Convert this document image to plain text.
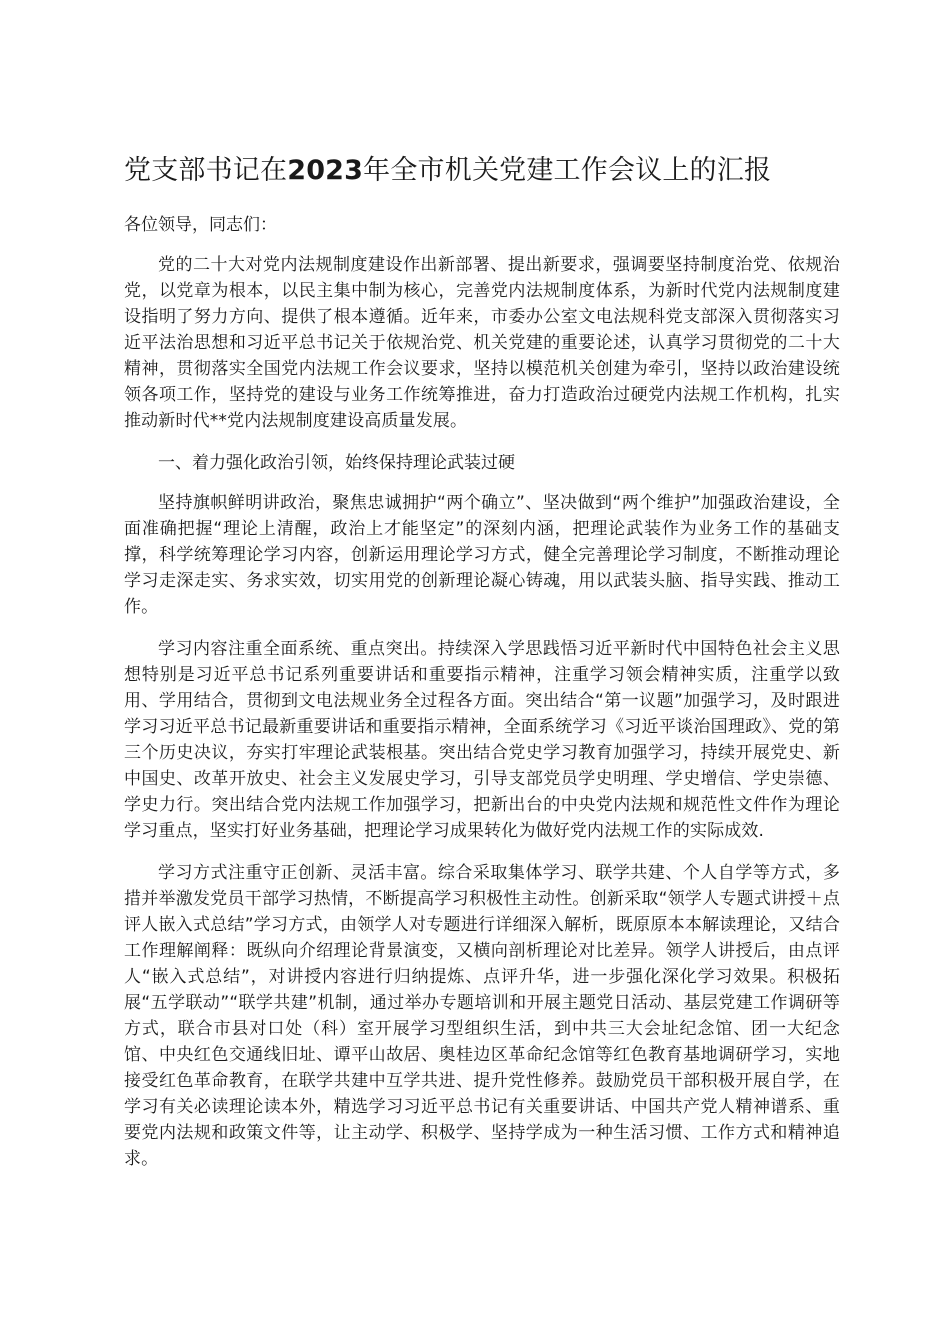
党支部书记在2023年全市机关党建工作会议上的汇报

各位领导，同志们：

党的二十大对党内法规制度建设作出新部署、提出新要求，强调要坚持制度治党、依规治党，以党章为根本，以民主集中制为核心，完善党内法规制度体系，为新时代党内法规制度建设指明了努力方向、提供了根本遵循。近年来，市委办公室文电法规科党支部深入贯彻落实习近平法治思想和习近平总书记关于依规治党、机关党建的重要论述，认真学习贯彻党的二十大精神，贯彻落实全国党内法规工作会议要求，坚持以模范机关创建为牵引，坚持以政治建设统领各项工作，坚持党的建设与业务工作统筹推进，奋力打造政治过硬党内法规工作机构，扎实推动新时代**党内法规制度建设高质量发展。

一、着力强化政治引领，始终保持理论武装过硬

坚持旗帜鲜明讲政治，聚焦忠诚拥护“两个确立”、坚决做到“两个维护”加强政治建设，全面准确把握“理论上清醒，政治上才能坚定”的深刻内涵，把理论武装作为业务工作的基础支撑，科学统筹理论学习内容，创新运用理论学习方式，健全完善理论学习制度，不断推动理论学习走深走实、务求实效，切实用党的创新理论凝心铸魂，用以武装头脑、指导实践、推动工作。

学习内容注重全面系统、重点突出。持续深入学思践悟习近平新时代中国特色社会主义思想特别是习近平总书记系列重要讲话和重要指示精神，注重学习领会精神实质，注重学以致用、学用结合，贯彻到文电法规业务全过程各方面。突出结合“第一议题”加强学习，及时跟进学习习近平总书记最新重要讲话和重要指示精神，全面系统学习《习近平谈治国理政》、党的第三个历史决议，夯实打牢理论武装根基。突出结合党史学习教育加强学习，持续开展党史、新中国史、改革开放史、社会主义发展史学习，引导支部党员学史明理、学史增信、学史崇德、学史力行。突出结合党内法规工作加强学习，把新出台的中央党内法规和规范性文件作为理论学习重点，坚实打好业务基础，把理论学习成果转化为做好党内法规工作的实际成效.

学习方式注重守正创新、灵活丰富。综合采取集体学习、联学共建、个人自学等方式，多措并举激发党员干部学习热情，不断提高学习积极性主动性。创新采取“领学人专题式讲授＋点评人嵌入式总结”学习方式，由领学人对专题进行详细深入解析，既原原本本解读理论，又结合工作理解阐释：既纵向介绍理论背景演变，又横向剖析理论对比差异。领学人讲授后，由点评人“嵌入式总结”，对讲授内容进行归纳提炼、点评升华，进一步强化深化学习效果。积极拓展“五学联动”“联学共建”机制，通过举办专题培训和开展主题党日活动、基层党建工作调研等方式，联合市县对口处（科）室开展学习型组织生活，到中共三大会址纪念馆、团一大纪念馆、中央红色交通线旧址、谭平山故居、奥桂边区革命纪念馆等红色教育基地调研学习，实地接受红色革命教育，在联学共建中互学共进、提升党性修养。鼓励党员干部积极开展自学，在学习有关必读理论读本外，精选学习习近平总书记有关重要讲话、中国共产党人精神谱系、重要党内法规和政策文件等，让主动学、积极学、坚持学成为一种生活习惯、工作方式和精神追求。
